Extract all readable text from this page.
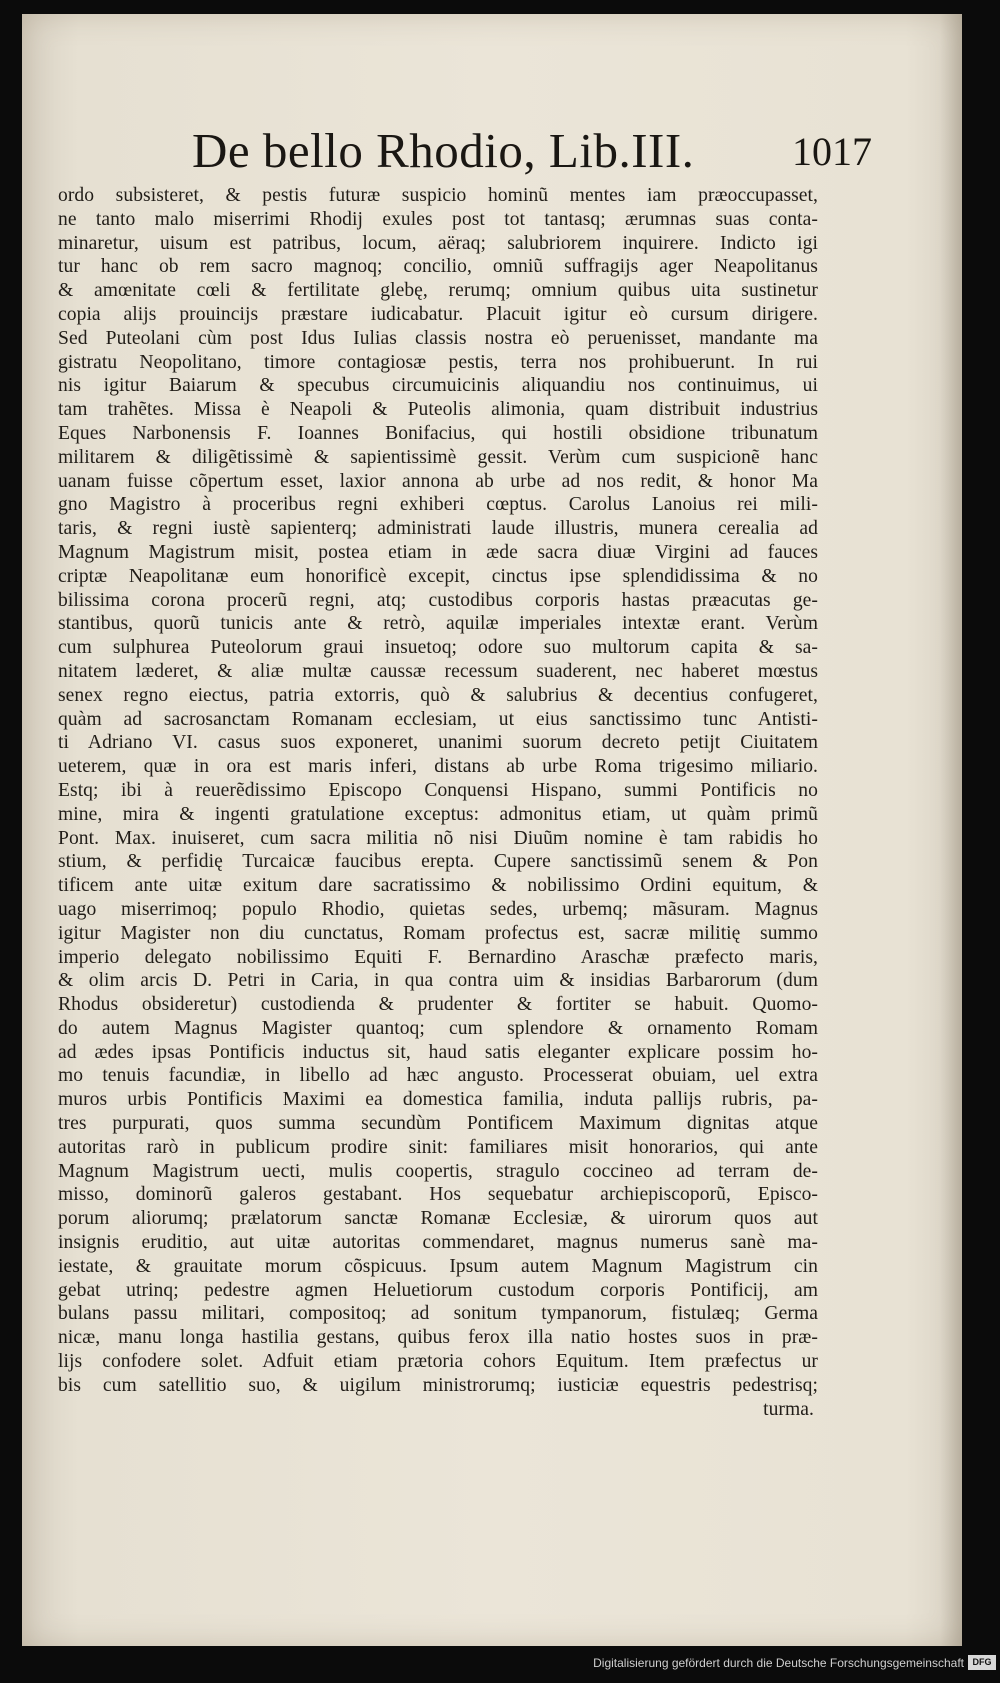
De bello Rhodio, Lib.III. 1017
ordo subsisteret, & pestis futuræ suspicio hominũ mentes iam præoccupasset,
ne tanto malo miserrimi Rhodij exules post tot tantasq; ærumnas suas conta-
minaretur, uisum est patribus, locum, aëraq; salubriorem inquirere. Indicto igi
tur hanc ob rem sacro magnoq; concilio, omniũ suffragijs ager Neapolitanus
& amœnitate cœli & fertilitate glebę, rerumq; omnium quibus uita sustinetur
copia alijs prouincijs præstare iudicabatur. Placuit igitur eò cursum dirigere.
Sed Puteolani cùm post Idus Iulias classis nostra eò peruenisset, mandante ma
gistratu Neopolitano, timore contagiosæ pestis, terra nos prohibuerunt. In rui
nis igitur Baiarum & specubus circumuicinis aliquandiu nos continuimus, ui
tam trahẽtes. Missa è Neapoli & Puteolis alimonia, quam distribuit industrius
Eques Narbonensis F. Ioannes Bonifacius, qui hostili obsidione tribunatum
militarem & diligẽtissimè & sapientissimè gessit. Verùm cum suspicionẽ hanc
uanam fuisse cõpertum esset, laxior annona ab urbe ad nos redit, & honor Ma
gno Magistro à proceribus regni exhiberi cœptus. Carolus Lanoius rei mili-
taris, & regni iustè sapienterq; administrati laude illustris, munera cerealia ad
Magnum Magistrum misit, postea etiam in æde sacra diuæ Virgini ad fauces
criptæ Neapolitanæ eum honorificè excepit, cinctus ipse splendidissima & no
bilissima corona procerũ regni, atq; custodibus corporis hastas præacutas ge-
stantibus, quorũ tunicis ante & retrò, aquilæ imperiales intextæ erant. Verùm
cum sulphurea Puteolorum graui insuetoq; odore suo multorum capita & sa-
nitatem læderet, & aliæ multæ caussæ recessum suaderent, nec haberet mœstus
senex regno eiectus, patria extorris, quò & salubrius & decentius confugeret,
quàm ad sacrosanctam Romanam ecclesiam, ut eius sanctissimo tunc Antisti-
ti Adriano VI. casus suos exponeret, unanimi suorum decreto petijt Ciuitatem
ueterem, quæ in ora est maris inferi, distans ab urbe Roma trigesimo miliario.
Estq; ibi à reuerẽdissimo Episcopo Conquensi Hispano, summi Pontificis no
mine, mira & ingenti gratulatione exceptus: admonitus etiam, ut quàm primũ
Pont. Max. inuiseret, cum sacra militia nõ nisi Diuũm nomine è tam rabidis ho
stium, & perfidię Turcaicæ faucibus erepta. Cupere sanctissimũ senem & Pon
tificem ante uitæ exitum dare sacratissimo & nobilissimo Ordini equitum, &
uago miserrimoq; populo Rhodio, quietas sedes, urbemq; mãsuram. Magnus
igitur Magister non diu cunctatus, Romam profectus est, sacræ militię summo
imperio delegato nobilissimo Equiti F. Bernardino Araschæ præfecto maris,
& olim arcis D. Petri in Caria, in qua contra uim & insidias Barbarorum (dum
Rhodus obsideretur) custodienda & prudenter & fortiter se habuit. Quomo-
do autem Magnus Magister quantoq; cum splendore & ornamento Romam
ad ædes ipsas Pontificis inductus sit, haud satis eleganter explicare possim ho-
mo tenuis facundiæ, in libello ad hæc angusto. Processerat obuiam, uel extra
muros urbis Pontificis Maximi ea domestica familia, induta pallijs rubris, pa-
tres purpurati, quos summa secundùm Pontificem Maximum dignitas atque
autoritas rarò in publicum prodire sinit: familiares misit honorarios, qui ante
Magnum Magistrum uecti, mulis coopertis, stragulo coccineo ad terram de-
misso, dominorũ galeros gestabant. Hos sequebatur archiepiscoporũ, Episco-
porum aliorumq; prælatorum sanctæ Romanæ Ecclesiæ, & uirorum quos aut
insignis eruditio, aut uitæ autoritas commendaret, magnus numerus sanè ma-
iestate, & grauitate morum cõspicuus. Ipsum autem Magnum Magistrum cin
gebat utrinq; pedestre agmen Heluetiorum custodum corporis Pontificij, am
bulans passu militari, compositoq; ad sonitum tympanorum, fistulæq; Germa
nicæ, manu longa hastilia gestans, quibus ferox illa natio hostes suos in præ-
lijs confodere solet. Adfuit etiam prætoria cohors Equitum. Item præfectus ur
bis cum satellitio suo, & uigilum ministrorumq; iusticiæ equestris pedestrisq;
turma.
Digitalisierung gefördert durch die Deutsche Forschungsgemeinschaft DFG
